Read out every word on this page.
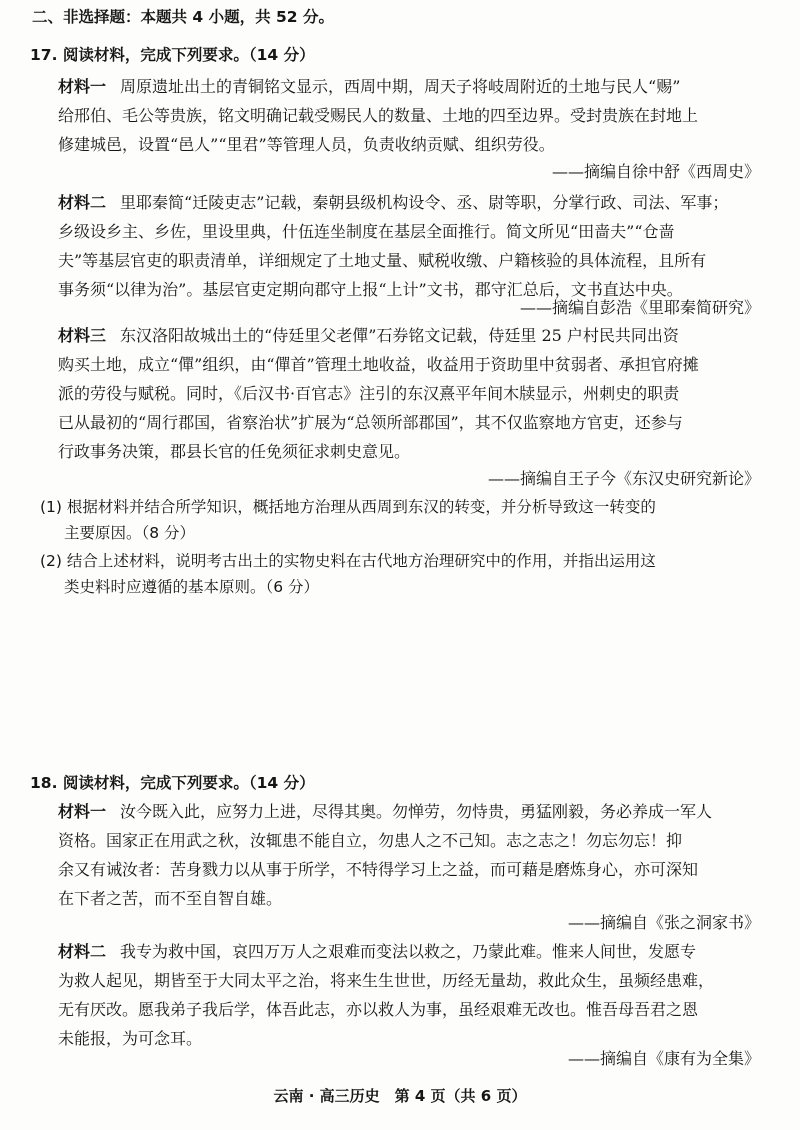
二、非选择题：本题共 4 小题，共 52 分。
17. 阅读材料，完成下列要求。（14 分）
材料一 周原遗址出土的青铜铭文显示，西周中期，周天子将岐周附近的土地与民人“赐”
给邢伯、毛公等贵族，铭文明确记载受赐民人的数量、土地的四至边界。受封贵族在封地上
修建城邑，设置“邑人”“里君”等管理人员，负责收纳贡赋、组织劳役。
——摘编自徐中舒《西周史》
材料二 里耶秦简“迁陵吏志”记载，秦朝县级机构设令、丞、尉等职，分掌行政、司法、军事；
乡级设乡主、乡佐，里设里典，什伍连坐制度在基层全面推行。简文所见“田啬夫”“仓啬
夫”等基层官吏的职责清单，详细规定了土地丈量、赋税收缴、户籍核验的具体流程，且所有
事务须“以律为治”。基层官吏定期向郡守上报“上计”文书，郡守汇总后，文书直达中央。
——摘编自彭浩《里耶秦简研究》
材料三 东汉洛阳故城出土的“侍廷里父老僤”石券铭文记载，侍廷里 25 户村民共同出资
购买土地，成立“僤”组织，由“僤首”管理土地收益，收益用于资助里中贫弱者、承担官府摊
派的劳役与赋税。同时，《后汉书·百官志》注引的东汉熹平年间木牍显示，州刺史的职责
已从最初的“周行郡国，省察治状”扩展为“总领所部郡国”，其不仅监察地方官吏，还参与
行政事务决策，郡县长官的任免须征求刺史意见。
——摘编自王子今《东汉史研究新论》
(1) 根据材料并结合所学知识，概括地方治理从西周到东汉的转变，并分析导致这一转变的
主要原因。（8 分）
(2) 结合上述材料，说明考古出土的实物史料在古代地方治理研究中的作用，并指出运用这
类史料时应遵循的基本原则。（6 分）
18. 阅读材料，完成下列要求。（14 分）
材料一 汝今既入此，应努力上进，尽得其奥。勿惮劳，勿恃贵，勇猛刚毅，务必养成一军人
资格。国家正在用武之秋，汝辄患不能自立，勿患人之不己知。志之志之！勿忘勿忘！抑
余又有诫汝者：苦身戮力以从事于所学，不特得学习上之益，而可藉是磨炼身心，亦可深知
在下者之苦，而不至自智自雄。
——摘编自《张之洞家书》
材料二 我专为救中国，哀四万万人之艰难而变法以救之，乃蒙此难。惟来人间世，发愿专
为救人起见，期皆至于大同太平之治，将来生生世世，历经无量劫，救此众生，虽频经患难，
无有厌改。愿我弟子我后学，体吾此志，亦以救人为事，虽经艰难无改也。惟吾母吾君之恩
未能报，为可念耳。
——摘编自《康有为全集》
云南 · 高三历史　第 4 页（共 6 页）
